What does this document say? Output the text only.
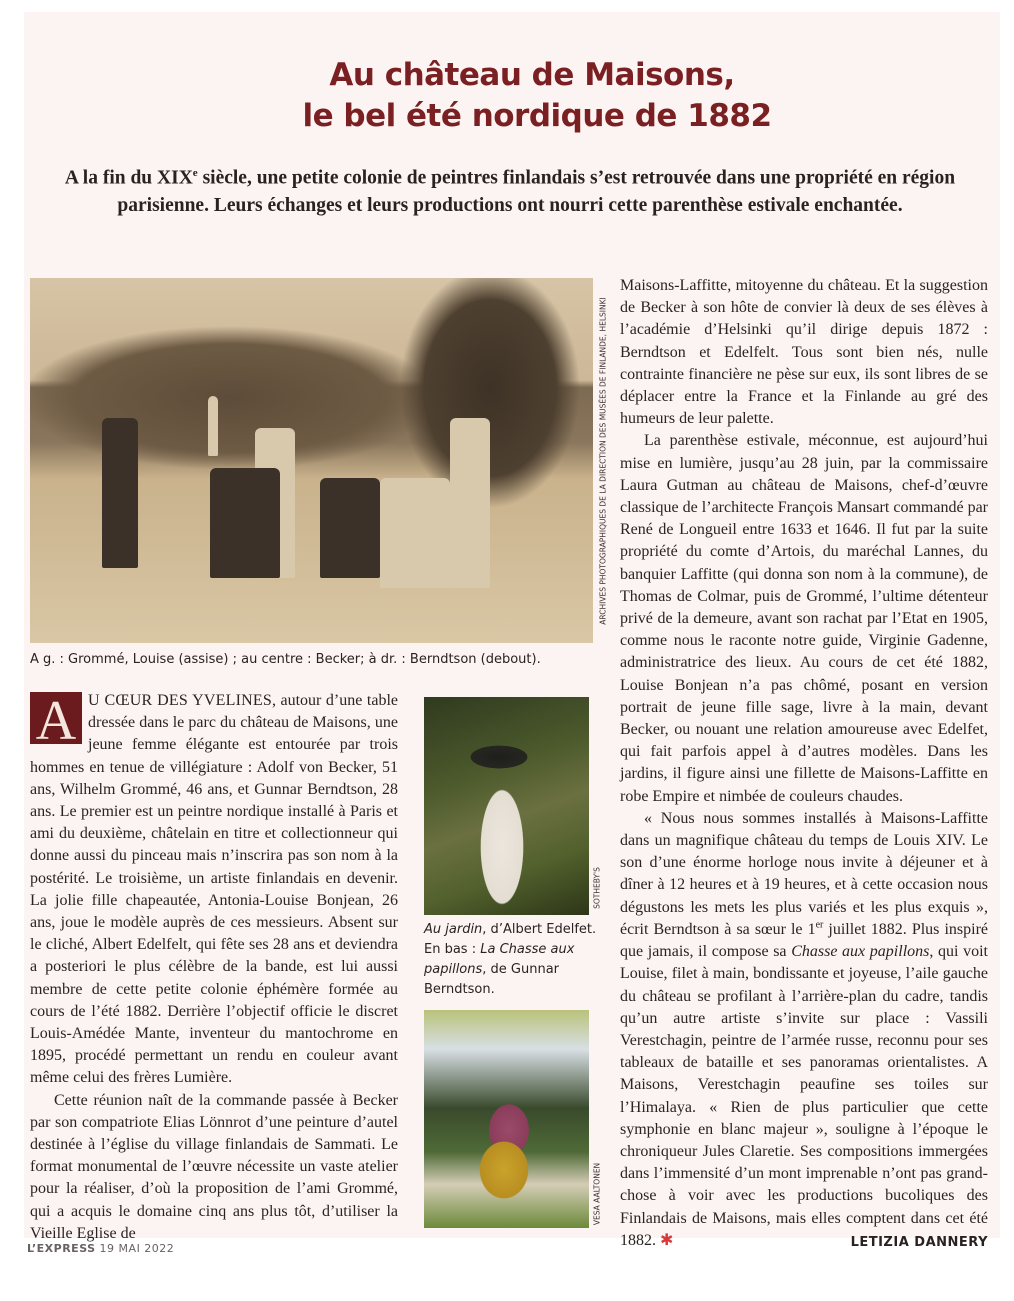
Au château de Maisons,
le bel été nordique de 1882
A la fin du XIXe siècle, une petite colonie de peintres finlandais s’est retrouvée dans une propriété en région parisienne. Leurs échanges et leurs productions ont nourri cette parenthèse estivale enchantée.
ARCHIVES PHOTOGRAPHIQUES DE LA DIRECTION DES MUSÉES DE FINLANDE, HELSINKI
A g. : Grommé, Louise (assise) ; au centre : Becker; à dr. : Berndtson (debout).

A U CŒUR DES YVELINES, autour d’une table dressée dans le parc du château de Maisons, une jeune femme élégante est entourée par trois hommes en tenue de villégiature : Adolf von Becker, 51 ans, Wilhelm Grommé, 46 ans, et Gunnar Berndtson, 28 ans. Le premier est un peintre nordique installé à Paris et ami du deuxième, châtelain en titre et collectionneur qui donne aussi du pinceau mais n’inscrira pas son nom à la postérité. Le troisième, un artiste finlandais en devenir. La jolie fille chapeautée, Antonia-Louise Bonjean, 26 ans, joue le modèle auprès de ces messieurs. Absent sur le cliché, Albert Edelfelt, qui fête ses 28 ans et deviendra a posteriori le plus célèbre de la bande, est lui aussi membre de cette petite colonie éphémère formée au cours de l’été 1882. Derrière l’objectif officie le discret Louis-Amédée Mante, inventeur du mantochrome en 1895, procédé permettant un rendu en couleur avant même celui des frères Lumière.

Cette réunion naît de la commande passée à Becker par son compatriote Elias Lönnrot d’une peinture d’autel destinée à l’église du village finlandais de Sammati. Le format monumental de l’œuvre nécessite un vaste atelier pour la réaliser, d’où la proposition de l’ami Grommé, qui a acquis le domaine cinq ans plus tôt, d’utiliser la Vieille Eglise de

SOTHEBY'S
Au jardin, d’Albert Edelfet. En bas : La Chasse aux papillons, de Gunnar Berndtson.
VESA AALTONEN

Maisons-Laffitte, mitoyenne du château. Et la suggestion de Becker à son hôte de convier là deux de ses élèves à l’académie d’Helsinki qu’il dirige depuis 1872 : Berndtson et Edelfelt. Tous sont bien nés, nulle contrainte financière ne pèse sur eux, ils sont libres de se déplacer entre la France et la Finlande au gré des humeurs de leur palette.

La parenthèse estivale, méconnue, est aujourd’hui mise en lumière, jusqu’au 28 juin, par la commissaire Laura Gutman au château de Maisons, chef-d’œuvre classique de l’architecte François Mansart commandé par René de Longueil entre 1633 et 1646. Il fut par la suite propriété du comte d’Artois, du maréchal Lannes, du banquier Laffitte (qui donna son nom à la commune), de Thomas de Colmar, puis de Grommé, l’ultime détenteur privé de la demeure, avant son rachat par l’Etat en 1905, comme nous le raconte notre guide, Virginie Gadenne, administratrice des lieux. Au cours de cet été 1882, Louise Bonjean n’a pas chômé, posant en version portrait de jeune fille sage, livre à la main, devant Becker, ou nouant une relation amoureuse avec Edelfet, qui fait parfois appel à d’autres modèles. Dans les jardins, il figure ainsi une fillette de Maisons-Laffitte en robe Empire et nimbée de couleurs chaudes.

« Nous nous sommes installés à Maisons-Laffitte dans un magnifique château du temps de Louis XIV. Le son d’une énorme horloge nous invite à déjeuner et à dîner à 12 heures et à 19 heures, et à cette occasion nous dégustons les mets les plus variés et les plus exquis », écrit Berndtson à sa sœur le 1er juillet 1882. Plus inspiré que jamais, il compose sa Chasse aux papillons, qui voit Louise, filet à main, bondissante et joyeuse, l’aile gauche du château se profilant à l’arrière-plan du cadre, tandis qu’un autre artiste s’invite sur place : Vassili Verestchagin, peintre de l’armée russe, reconnu pour ses tableaux de bataille et ses panoramas orientalistes. A Maisons, Verestchagin peaufine ses toiles sur l’Himalaya. « Rien de plus particulier que cette symphonie en blanc majeur », souligne à l’époque le chroniqueur Jules Claretie. Ses compositions immergées dans l’immensité d’un mont imprenable n’ont pas grand-chose à voir avec les productions bucoliques des Finlandais de Maisons, mais elles comptent dans cet été 1882. ✱	LETIZIA DANNERY

L’EXPRESS 19 MAI 2022
